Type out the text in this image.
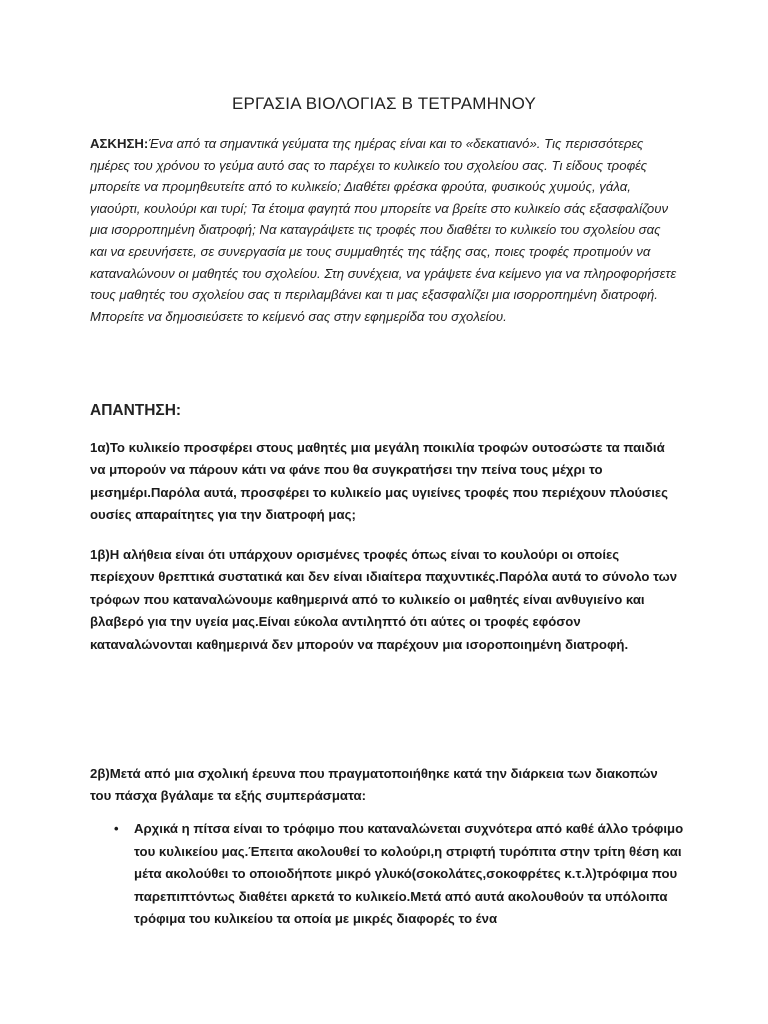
ΕΡΓΑΣΙΑ ΒΙΟΛΟΓΙΑΣ Β ΤΕΤΡΑΜΗΝΟΥ

ΑΣΚΗΣΗ:Ένα από τα σημαντικά γεύματα της ημέρας είναι και το «δεκατιανό». Τις περισσότερες ημέρες του χρόνου το γεύμα αυτό σας το παρέχει το κυλικείο του σχολείου σας. Τι είδους τροφές μπορείτε να προμηθευτείτε από το κυλικείο; Διαθέτει φρέσκα φρούτα, φυσικούς χυμούς, γάλα, γιαούρτι, κουλούρι και τυρί; Τα έτοιμα φαγητά που μπορείτε να βρείτε στο κυλικείο σάς εξασφαλίζουν μια ισορροπημένη διατροφή; Να καταγράψετε τις τροφές που διαθέτει το κυλικείο του σχολείου σας και να ερευνήσετε, σε συνεργασία με τους συμμαθητές της τάξης σας, ποιες τροφές προτιμούν να καταναλώνουν οι μαθητές του σχολείου. Στη συνέχεια, να γράψετε ένα κείμενο για να πληροφορήσετε τους μαθητές του σχολείου σας τι περιλαμβάνει και τι μας εξασφαλίζει μια ισορροπημένη διατροφή. Μπορείτε να δημοσιεύσετε το κείμενό σας στην εφημερίδα του σχολείου.

ΑΠΑΝΤΗΣΗ:

1α)Το κυλικείο προσφέρει στους μαθητές μια μεγάλη ποικιλία τροφών ουτοσώστε τα παιδιά να μπορούν να πάρουν κάτι να φάνε που θα συγκρατήσει την πείνα τους μέχρι το μεσημέρι.Παρόλα αυτά, προσφέρει το κυλικείο μας υγιείνες τροφές που περιέχουν πλούσιες ουσίες απαραίτητες για την διατροφή μας;

1β)Η αλήθεια είναι ότι υπάρχουν ορισμένες τροφές όπως είναι το κουλούρι οι οποίες περίεχουν θρεπτικά συστατικά και δεν είναι ιδιαίτερα παχυντικές.Παρόλα αυτά το σύνολο των τρόφων που καταναλώνουμε καθημερινά από το κυλικείο οι μαθητές είναι ανθυγιείνο και βλαβερό για την υγεία μας.Είναι εύκολα αντιληπτό ότι αύτες οι τροφές εφόσον καταναλώνονται καθημερινά δεν μπορούν να παρέχουν μια ισοροποιημένη διατροφή.

2β)Μετά από μια σχολική έρευνα που πραγματοποιήθηκε κατά την διάρκεια των διακοπών του πάσχα βγάλαμε τα εξής συμπεράσματα:

• Αρχικά η πίτσα είναι το τρόφιμο που καταναλώνεται συχνότερα από καθέ άλλο τρόφιμο του κυλικείου μας.Έπειτα ακολουθεί το κολούρι,η στριφτή τυρόπιτα στην τρίτη θέση και μέτα ακολούθει το οποιοδήποτε μικρό γλυκό(σοκολάτες,σοκοφρέτες κ.τ.λ)τρόφιμα που παρεπιπτόντως διαθέτει αρκετά το κυλικείο.Μετά από αυτά ακολουθούν τα υπόλοιπα τρόφιμα του κυλικείου τα οποία με μικρές διαφορές το ένα
